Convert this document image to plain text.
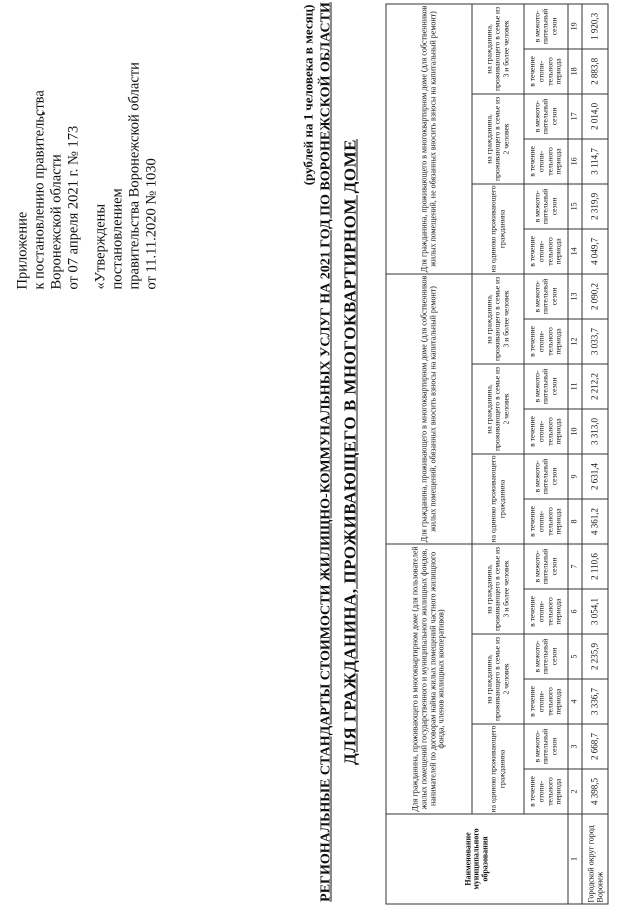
Приложение к постановлению правительства Воронежской области от 07 апреля 2021 г. № 173 «Утверждены постановлением правительства Воронежской области от 11.11.2020 № 1030
(рублей на 1 человека в месяц) РЕГИОНАЛЬНЫЕ СТАНДАРТЫ СТОИМОСТИ ЖИЛИЩНО-КОММУНАЛЬНЫХ УСЛУГ НА 2021 ГОД ПО ВОРОНЕЖСКОЙ ОБЛАСТИ ДЛЯ ГРАЖДАНИНА, ПРОЖИВАЮЩЕГО В МНОГОКВАРТИРНОМ ДОМЕ
Наименование муниципального образования	Для гражданина, проживающего в многоквартирном доме (для пользователей жилых помещений государственного и муниципального жилищных фондов, нанимателей по договорам найма жилых помещений частного жилищного фонда, членов жилищных кооперативов)						Для гражданина, проживающего в многоквартирном доме (для собственников жилых помещений, обязанных вносить взносы на капитальный ремонт)						Для гражданина, проживающего в многоквартирном доме (для собственников жилых помещений, не обязанных вносить взносы на капитальный ремонт)					
	на одиноко проживающего гражданина		на гражданина, проживающего в семье из 2 человек		на гражданина, проживающего в семье из 3 и более человек		на одиноко проживающего гражданина		на гражданина, проживающего в семье из 2 человек		на гражданина, проживающего в семье из 3 и более человек		на одиноко проживающего гражданина		на гражданина, проживающего в семье из 2 человек		на гражданина, проживающего в семье из 3 и более человек	
	в течение отопи-тельного периода	в межото-пительный сезон	в течение отопи-тельного периода	в межото-пительный сезон	в течение отопи-тельного периода	в межото-пительный сезон	в течение отопи-тельного периода	в межото-пительный сезон	в течение отопи-тельного периода	в межото-пительный сезон	в течение отопи-тельного периода	в межото-пительный сезон	в течение отопи-тельного периода	в межото-пительный сезон	в течение отопи-тельного периода	в межото-пительный сезон	в течение отопи-тельного периода	в межото-пительный сезон
1	2	3	4	5	6	7	8	9	10	11	12	13	14	15	16	17	18	19
Городской округ город Воронеж	4 398,5	2 668,7	3 336,7	2 235,9	3 054,1	2 110,6	4 361,2	2 631,4	3 313,0	2 212,2	3 033,7	2 090,2	4 049,7	2 319,9	3 114,7	2 014,0	2 883,8	1 920,3
